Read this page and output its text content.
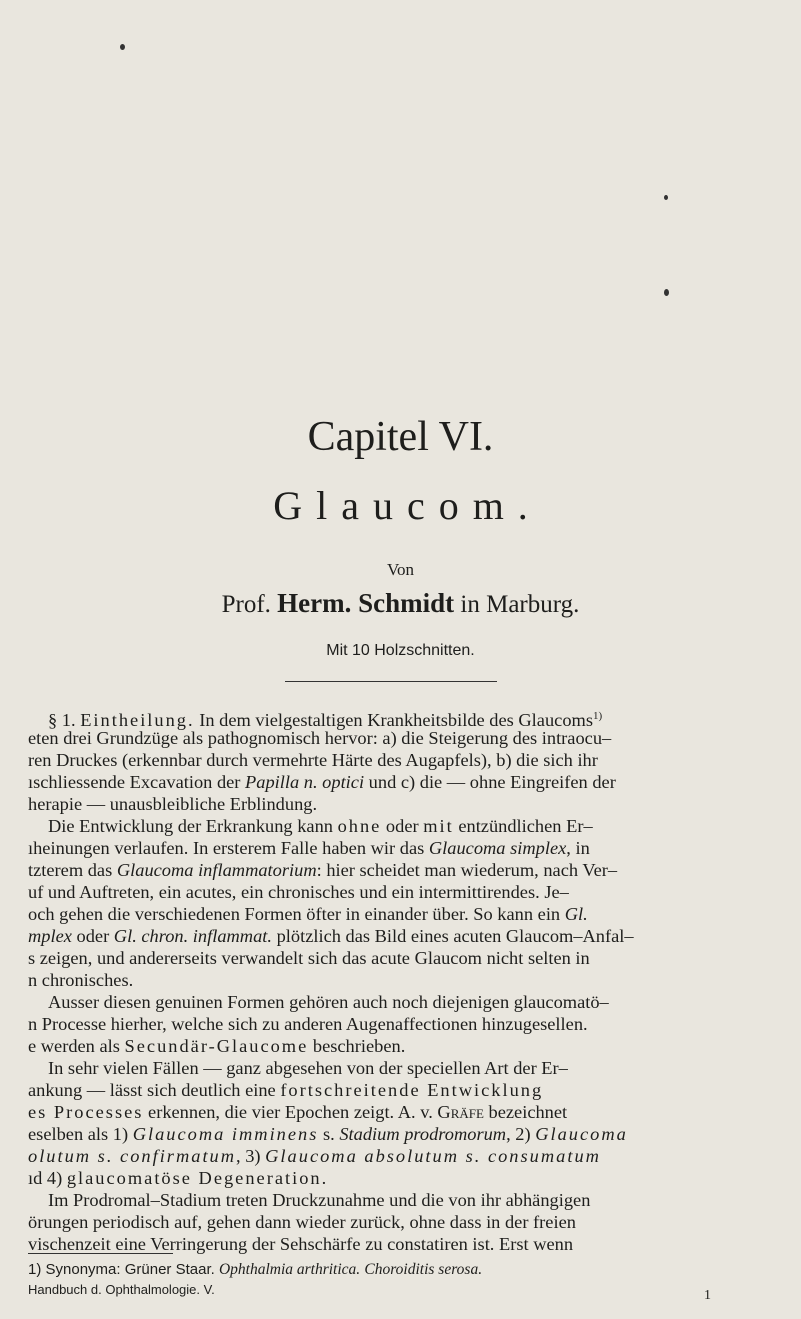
Capitel VI.
Glaucom.
Von
Prof. Herm. Schmidt in Marburg.
Mit 10 Holzschnitten.
§ 1. Eintheilung. In dem vielgestaltigen Krankheitsbilde des Glaucoms$^{1)}$
eten drei Grundzüge als pathognomisch hervor: a) die Steigerung des intraocu–
ren Druckes (erkennbar durch vermehrte Härte des Augapfels), b) die sich ihr
ıschliessende Excavation der Papilla n. optici und c) die — ohne Eingreifen der
herapie — unausbleibliche Erblindung.
Die Entwicklung der Erkrankung kann ohne oder mit entzündlichen Er–
ıheinungen verlaufen. In ersterem Falle haben wir das Glaucoma simplex, in
tzterem das Glaucoma inflammatorium: hier scheidet man wiederum, nach Ver–
uf und Auftreten, ein acutes, ein chronisches und ein intermittirendes. Je–
och gehen die verschiedenen Formen öfter in einander über. So kann ein Gl.
mplex oder Gl. chron. inflammat. plötzlich das Bild eines acuten Glaucom–Anfal–
s zeigen, und andererseits verwandelt sich das acute Glaucom nicht selten in
n chronisches.
Ausser diesen genuinen Formen gehören auch noch diejenigen glaucomatö–
n Processe hierher, welche sich zu anderen Augenaffectionen hinzugesellen.
e werden als Secundär-Glaucome beschrieben.
In sehr vielen Fällen — ganz abgesehen von der speciellen Art der Er–
ankung — lässt sich deutlich eine fortschreitende Entwicklung
es Processes erkennen, die vier Epochen zeigt. A. v. Gräfe bezeichnet
eselben als 1) Glaucoma imminens s. Stadium prodromorum, 2) Glaucoma
olutum s. confirmatum, 3) Glaucoma absolutum s. consumatum
ıd 4) glaucomatöse Degeneration.
Im Prodromal–Stadium treten Druckzunahme und die von ihr abhängigen
örungen periodisch auf, gehen dann wieder zurück, ohne dass in der freien
vischenzeit eine Verringerung der Sehschärfe zu constatiren ist. Erst wenn
1) Synonyma: Grüner Staar. Ophthalmia arthritica. Choroiditis serosa.
Handbuch d. Ophthalmologie. V.	1
